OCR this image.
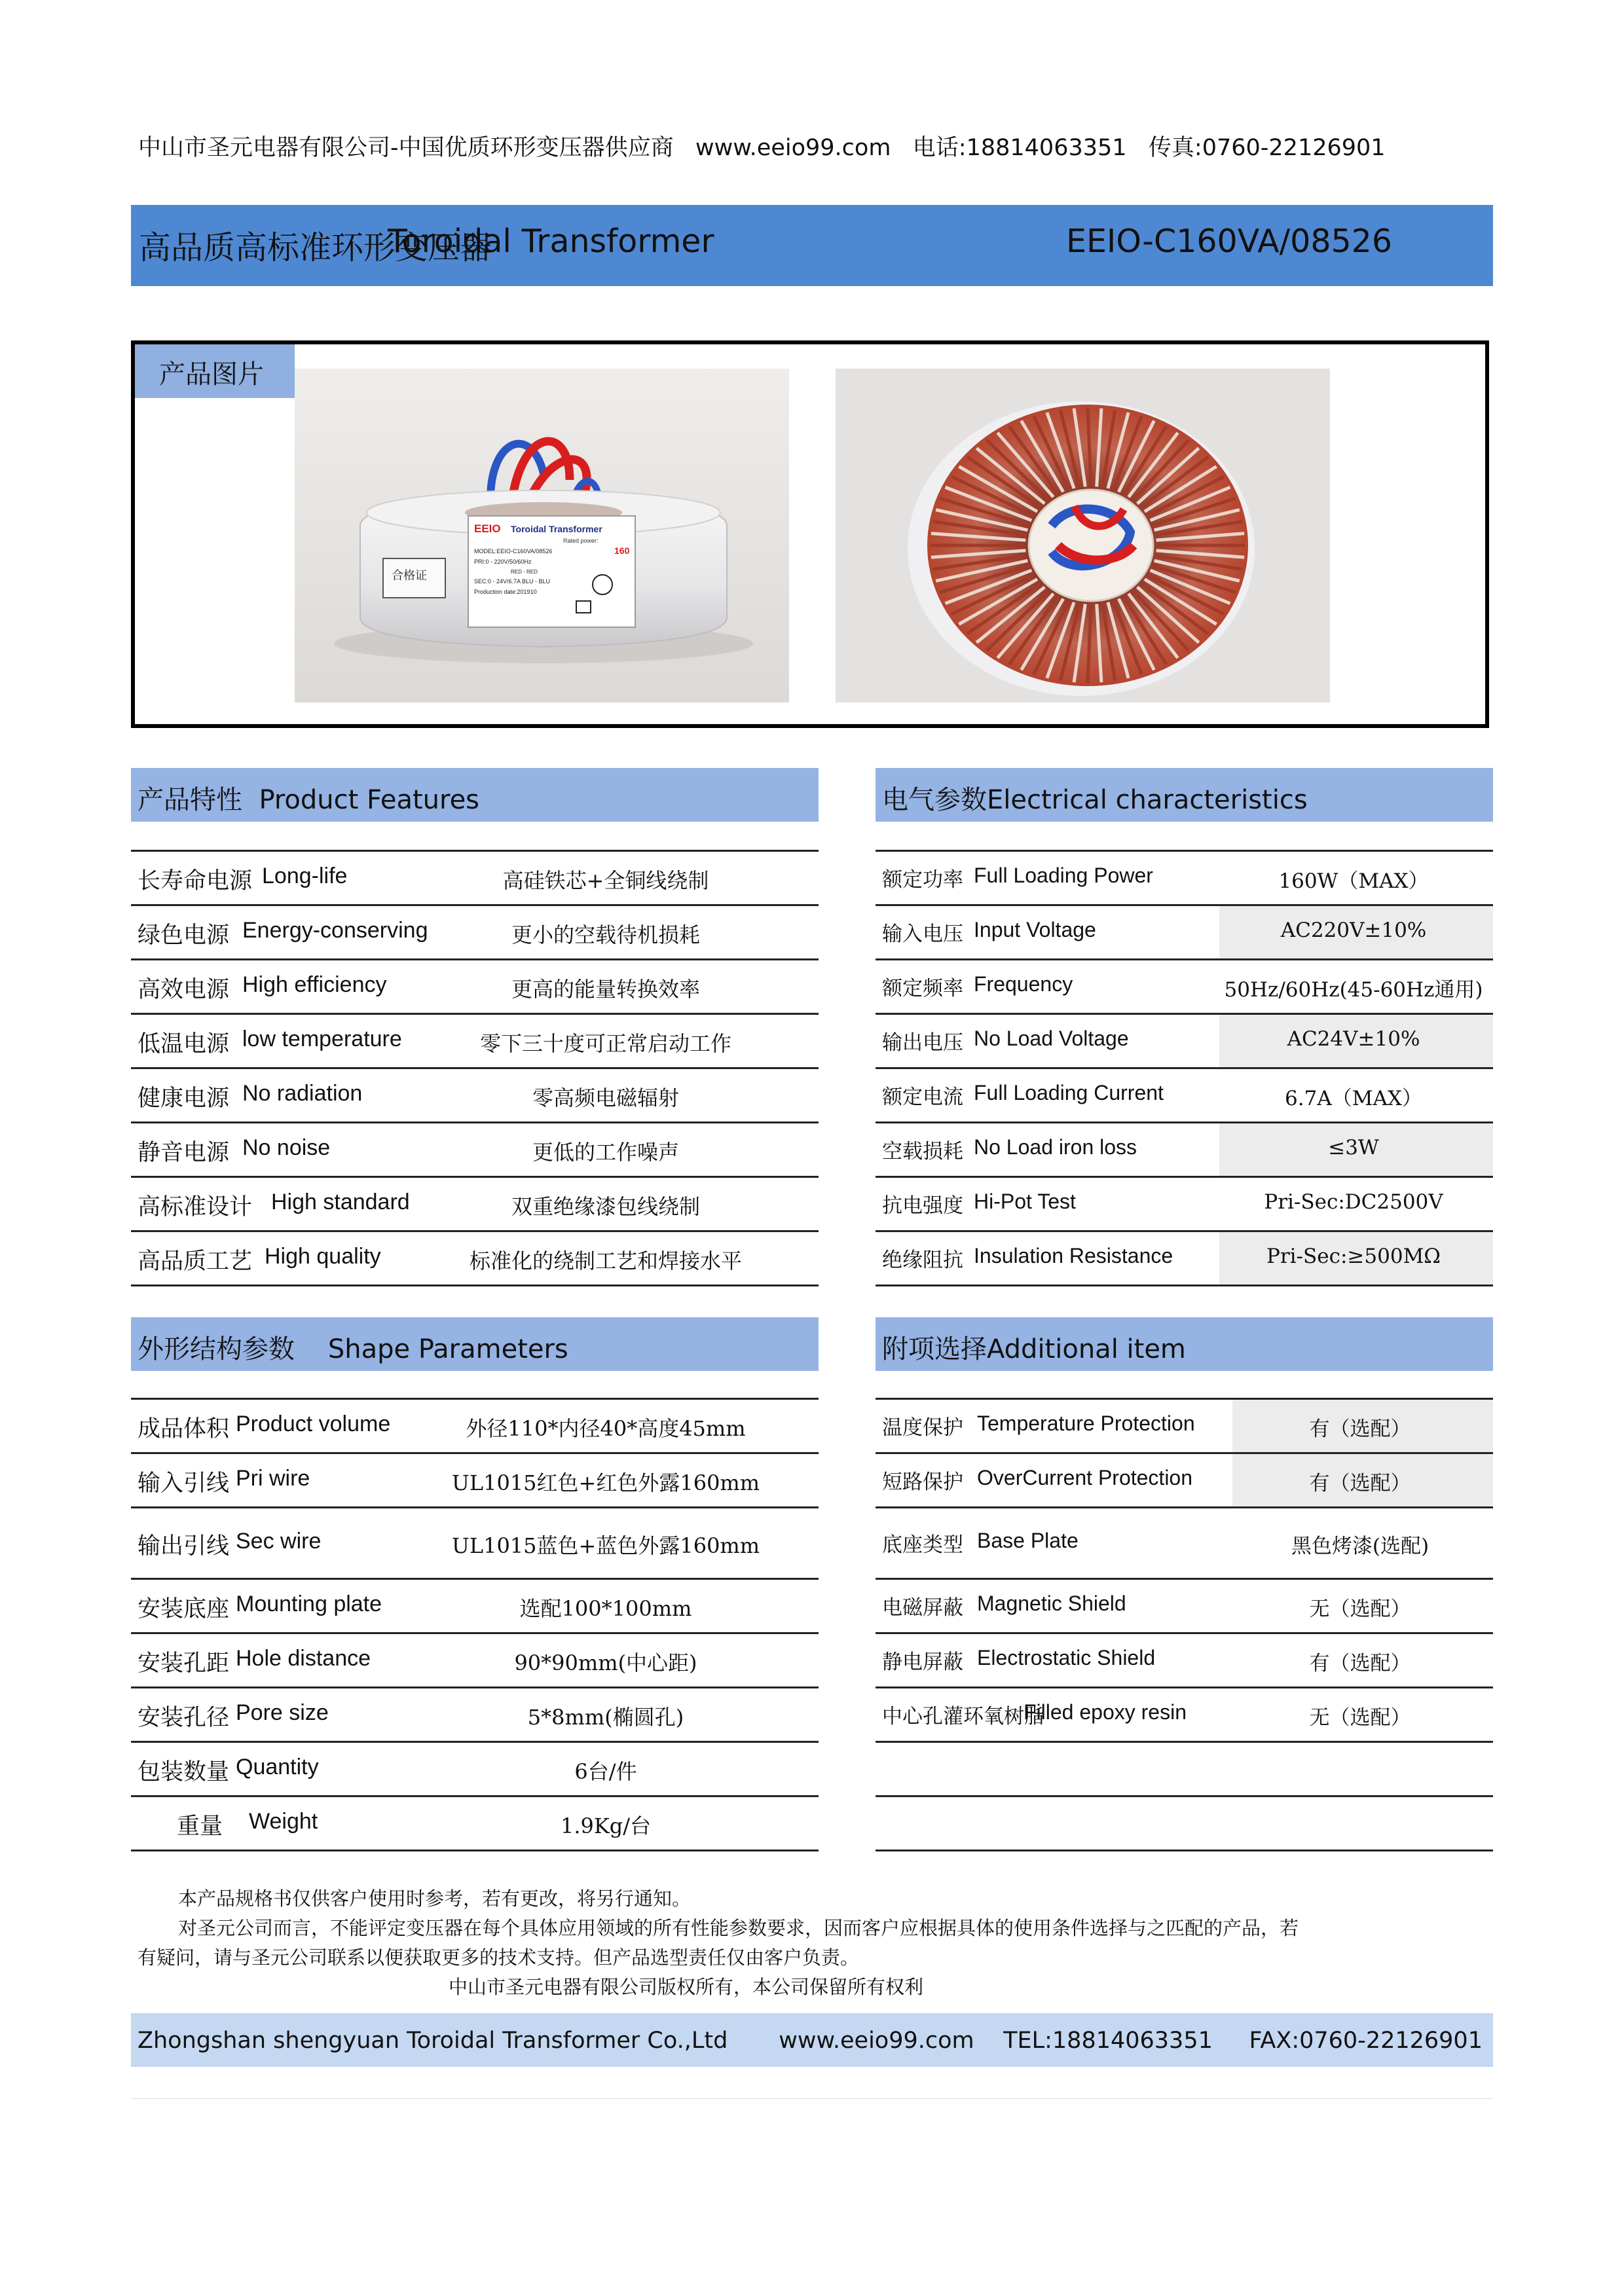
中山市圣元电器有限公司-中国优质环形变压器供应商   www.eeio99.com   电话:18814063351   传真:0760-22126901
高品质高标准环形变压器
Toroidal Transformer	EEIO-C160VA/08526
产品图片
EEIO Toroidal Transformer
Rated power:
160
MODEL:EEIO-C160VA/08526
PRI:0 - 220V/50/60Hz
RED - RED
SEC:0 - 24V/6.7A BLU - BLU
Production date:201910
合格证
产品特性 Product Features	电气参数Electrical characteristics
外形结构参数 Shape Parameters	附项选择Additional item
长寿命电源 Long-life	高硅铁芯+全铜线绕制
绿色电源 Energy-conserving	更小的空载待机损耗
高效电源 High efficiency	更高的能量转换效率
低温电源 low temperature	零下三十度可正常启动工作
健康电源 No radiation	零高频电磁辐射
静音电源 No noise	更低的工作噪声
高标准设计 High standard	双重绝缘漆包线绕制
高品质工艺 High quality	标准化的绕制工艺和焊接水平
额定功率 Full Loading Power	160W（MAX）
输入电压 Input Voltage	AC220V±10%
额定频率 Frequency	50Hz/60Hz(45-60Hz通用)
输出电压 No Load Voltage	AC24V±10%
额定电流 Full Loading Current	6.7A（MAX）
空载损耗 No Load iron loss	≤3W
抗电强度 Hi-Pot Test	Pri-Sec:DC2500V
绝缘阻抗 Insulation Resistance	Pri-Sec:≥500MΩ
成品体积 Product volume	外径110*内径40*高度45mm
输入引线 Pri wire	UL1015红色+红色外露160mm
输出引线 Sec wire	UL1015蓝色+蓝色外露160mm
安装底座 Mounting plate	选配100*100mm
安装孔距 Hole distance	90*90mm(中心距)
安装孔径 Pore size	5*8mm(椭圆孔)
包装数量 Quantity	6台/件
重量 Weight	1.9Kg/台
温度保护 Temperature Protection	有（选配）
短路保护 OverCurrent Protection	有（选配）
底座类型 Base Plate	黑色烤漆(选配)
电磁屏蔽 Magnetic Shield	无（选配）
静电屏蔽 Electrostatic Shield	有（选配）
中心孔灌环氧树脂
Filled epoxy resin	无（选配）
本产品规格书仅供客户使用时参考，若有更改，将另行通知。
对圣元公司而言，不能评定变压器在每个具体应用领域的所有性能参数要求，因而客户应根据具体的使用条件选择与之匹配的产品，若
有疑问，请与圣元公司联系以便获取更多的技术支持。但产品选型责任仅由客户负责。
中山市圣元电器有限公司版权所有，本公司保留所有权利
Zhongshan shengyuan Toroidal Transformer Co.,Ltd       www.eeio99.com    TEL:18814063351     FAX:0760-22126901
